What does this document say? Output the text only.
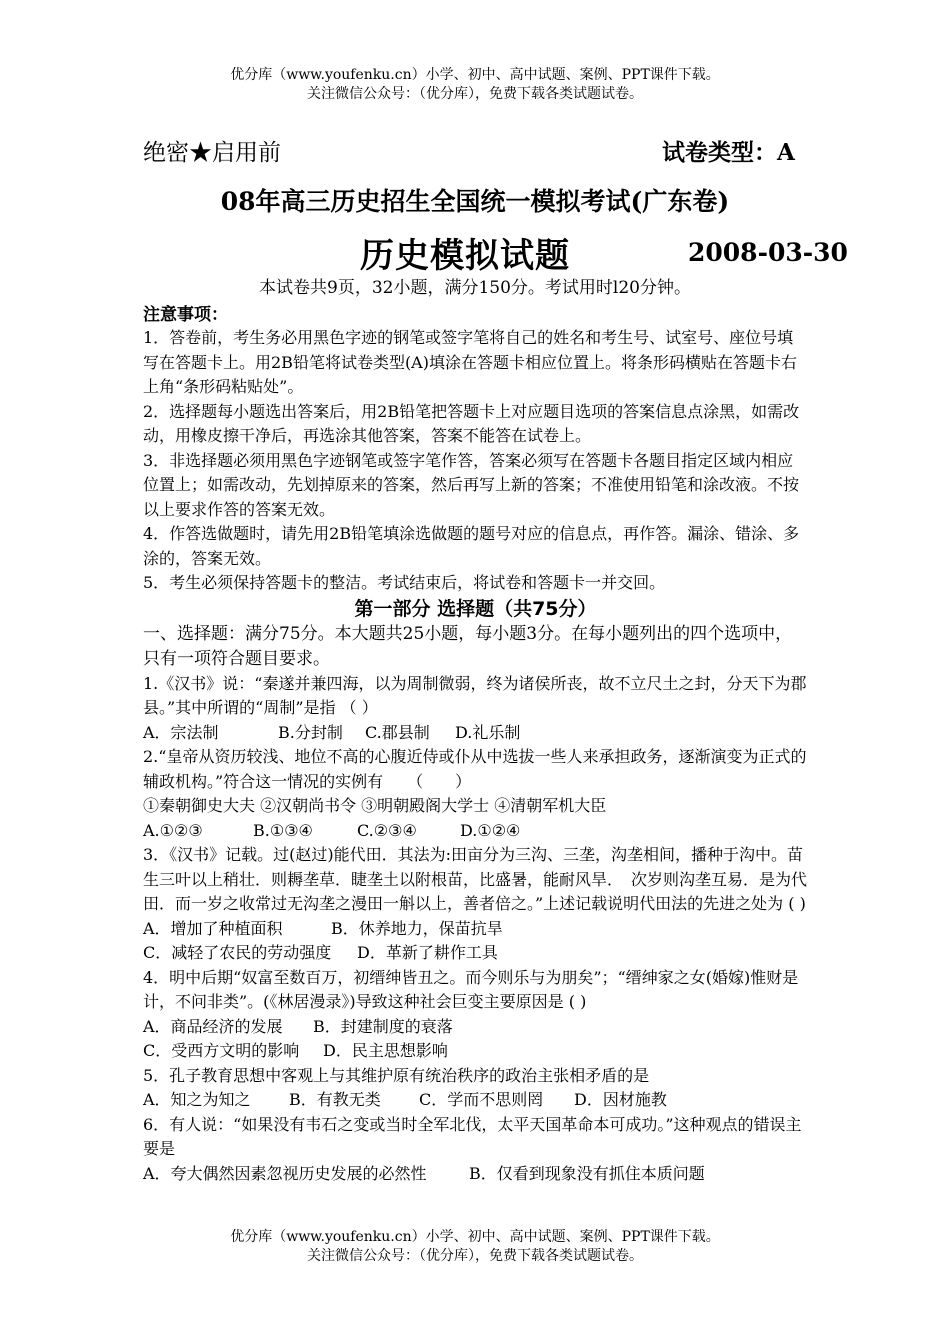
优分库（www.youfenku.cn）小学、初中、高中试题、案例、PPT课件下载。
关注微信公众号：（优分库），免费下载各类试题试卷。
绝密★启用前	试卷类型：A
08年高三历史招生全国统一模拟考试(广东卷)
历史模拟试题	2008-03-30
本试卷共9页，32小题，满分150分。考试用时l20分钟。
注意事项：

1．答卷前，考生务必用黑色字迹的钢笔或签字笔将自己的姓名和考生号、试室号、座位号填写在答题卡上。用2B铅笔将试卷类型(A)填涂在答题卡相应位置上。将条形码横贴在答题卡右上角“条形码粘贴处”。

2．选择题每小题选出答案后，用2B铅笔把答题卡上对应题目选项的答案信息点涂黑，如需改动，用橡皮擦干净后，再选涂其他答案，答案不能答在试卷上。

3．非选择题必须用黑色字迹钢笔或签字笔作答，答案必须写在答题卡各题目指定区域内相应位置上；如需改动，先划掉原来的答案，然后再写上新的答案；不准使用铅笔和涂改液。不按以上要求作答的答案无效。

4．作答选做题时，请先用2B铅笔填涂选做题的题号对应的信息点，再作答。漏涂、错涂、多涂的，答案无效。

5．考生必须保持答题卡的整洁。考试结束后，将试卷和答题卡一并交回。

第一部分 选择题（共75分）

一、选择题：满分75分。本大题共25小题，每小题3分。在每小题列出的四个选项中，只有一项符合题目要求。

1.《汉书》说：“秦遂并兼四海，以为周制微弱，终为诸侯所丧，故不立尺土之封，分天下为郡县。”其中所谓的“周制”是指 （ ）

A．宗法制	B.分封制 C.郡县制 D.礼乐制

2.“皇帝从资历较浅、地位不高的心腹近侍或仆从中选拔一些人来承担政务，逐渐演变为正式的辅政机构。”符合这一情况的实例有　　（　　）

①秦朝御史大夫 ②汉朝尚书令 ③明朝殿阁大学士 ④清朝军机大臣

A.①②③	B.①③④	C.②③④	D.①②④

3．《汉书》记载。过(赵过)能代田．其法为:田亩分为三沟、三垄，沟垄相间，播种于沟中。苗生三叶以上稍壮．则耨垄草．睫垄土以附根苗，比盛暑，能耐风旱．　次岁则沟垄互易．是为代田．而一岁之收常过无沟垄之漫田一斛以上，善者倍之。”上述记载说明代田法的先进之处为 ( )

A．增加了种植面积	B．休养地力，保苗抗旱

C．减轻了农民的劳动强度 D．革新了耕作工具

4．明中后期“奴富至数百万，初缙绅皆丑之。而今则乐与为朋矣”；“缙绅家之女(婚嫁)惟财是计，不问非类”。(《林居漫录》)导致这种社会巨变主要原因是 ( )

A．商品经济的发展 B．封建制度的衰落

C．受西方文明的影响 D．民主思想影响

5．孔子教育思想中客观上与其维护原有统治秩序的政治主张相矛盾的是

A．知之为知之 B．有教无类 C．学而不思则罔 D．因材施教

6．有人说：“如果没有韦石之变或当时全军北伐，太平天国革命本可成功。”这种观点的错误主要是

A．夸大偶然因素忽视历史发展的必然性	B．仅看到现象没有抓住本质问题

优分库（www.youfenku.cn）小学、初中、高中试题、案例、PPT课件下载。
关注微信公众号：（优分库），免费下载各类试题试卷。
